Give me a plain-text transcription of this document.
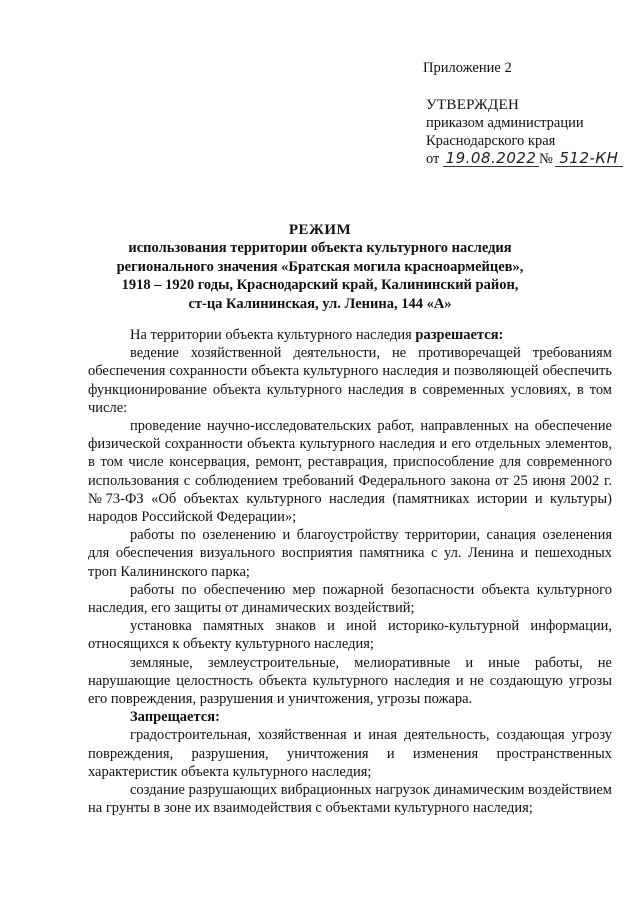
Приложение 2
УТВЕРЖДЕН
приказом администрации
Краснодарского края
от 19.08.2022 № 512-КН
РЕЖИМ
использования территории объекта культурного наследия
регионального значения «Братская могила красноармейцев»,
1918 – 1920 годы, Краснодарский край, Калининский район,
ст-ца Калининская, ул. Ленина, 144 «А»

На территории объекта культурного наследия разрешается:

ведение хозяйственной деятельности, не противоречащей требованиям обеспечения сохранности объекта культурного наследия и позволяющей обеспечить функционирование объекта культурного наследия в современных условиях, в том числе:

проведение научно-исследовательских работ, направленных на обеспечение физической сохранности объекта культурного наследия и его отдельных элементов, в том числе консервация, ремонт, реставрация, приспособление для современного использования с соблюдением требований Федерального закона от 25 июня 2002 г. №73-ФЗ «Об объектах культурного наследия (памятниках истории и культуры) народов Российской Федерации»;

работы по озеленению и благоустройству территории, санация озеленения для обеспечения визуального восприятия памятника с ул. Ленина и пешеходных троп Калининского парка;

работы по обеспечению мер пожарной безопасности объекта культурного наследия, его защиты от динамических воздействий;

установка памятных знаков и иной историко-культурной информации, относящихся к объекту культурного наследия;

земляные, землеустроительные, мелиоративные и иные работы, не нарушающие целостность объекта культурного наследия и не создающую угрозы его повреждения, разрушения и уничтожения, угрозы пожара.

Запрещается:

градостроительная, хозяйственная и иная деятельность, создающая угрозу повреждения, разрушения, уничтожения и изменения пространственных характеристик объекта культурного наследия;

создание разрушающих вибрационных нагрузок динамическим воздействием на грунты в зоне их взаимодействия с объектами культурного наследия;
